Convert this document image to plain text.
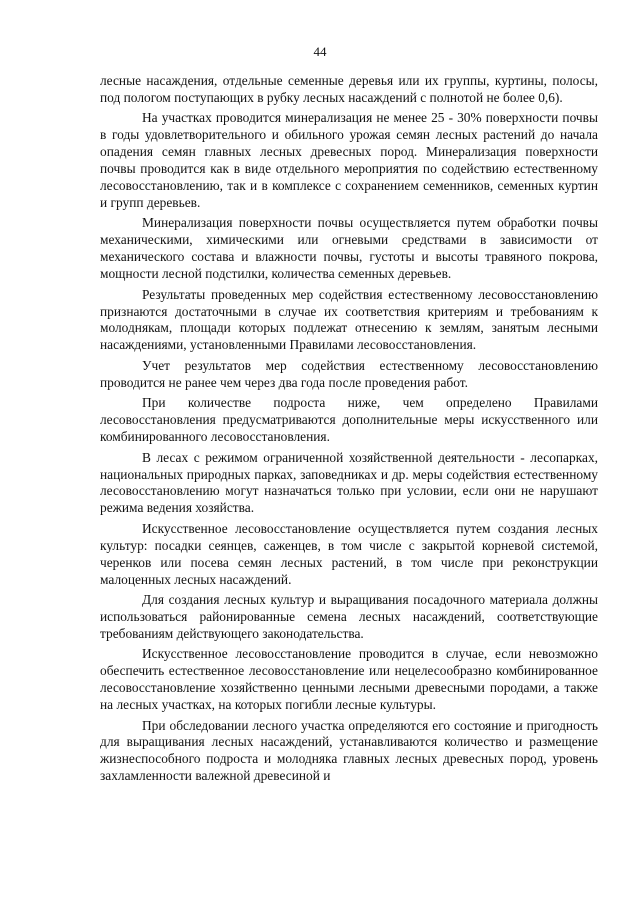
44

лесные насаждения, отдельные семенные деревья или их группы, куртины, полосы, под пологом поступающих в рубку лесных насаждений с полнотой не более 0,6).

На участках проводится минерализация не менее 25 - 30% поверхности почвы в годы удовлетворительного и обильного урожая семян лесных растений до начала опадения семян главных лесных древесных пород. Минерализация поверхности почвы проводится как в виде отдельного мероприятия по содействию естественному лесовосстановлению, так и в комплексе с сохранением семенников, семенных куртин и групп деревьев.

Минерализация поверхности почвы осуществляется путем обработки почвы механическими, химическими или огневыми средствами в зависимости от механического состава и влажности почвы, густоты и высоты травяного покрова, мощности лесной подстилки, количества семенных деревьев.

Результаты проведенных мер содействия естественному лесовосстановлению признаются достаточными в случае их соответствия критериям и требованиям к молоднякам, площади которых подлежат отнесению к землям, занятым лесными насаждениями, установленными Правилами лесовосстановления.

Учет результатов мер содействия естественному лесовосстановлению проводится не ранее чем через два года после проведения работ.

При количестве подроста ниже, чем определено Правилами лесовосстановления предусматриваются дополнительные меры искусственного или комбинированного лесовосстановления.

В лесах с режимом ограниченной хозяйственной деятельности - лесопарках, национальных природных парках, заповедниках и др. меры содействия естественному лесовосстановлению могут назначаться только при условии, если они не нарушают режима ведения хозяйства.

Искусственное лесовосстановление осуществляется путем создания лесных культур: посадки сеянцев, саженцев, в том числе с закрытой корневой системой, черенков или посева семян лесных растений, в том числе при реконструкции малоценных лесных насаждений.

Для создания лесных культур и выращивания посадочного материала должны использоваться районированные семена лесных насаждений, соответствующие требованиям действующего законодательства.

Искусственное лесовосстановление проводится в случае, если невозможно обеспечить естественное лесовосстановление или нецелесообразно комбинированное лесовосстановление хозяйственно ценными лесными древесными породами, а также на лесных участках, на которых погибли лесные культуры.

При обследовании лесного участка определяются его состояние и пригодность для выращивания лесных насаждений, устанавливаются количество и размещение жизнеспособного подроста и молодняка главных лесных древесных пород, уровень захламленности валежной древесиной и
